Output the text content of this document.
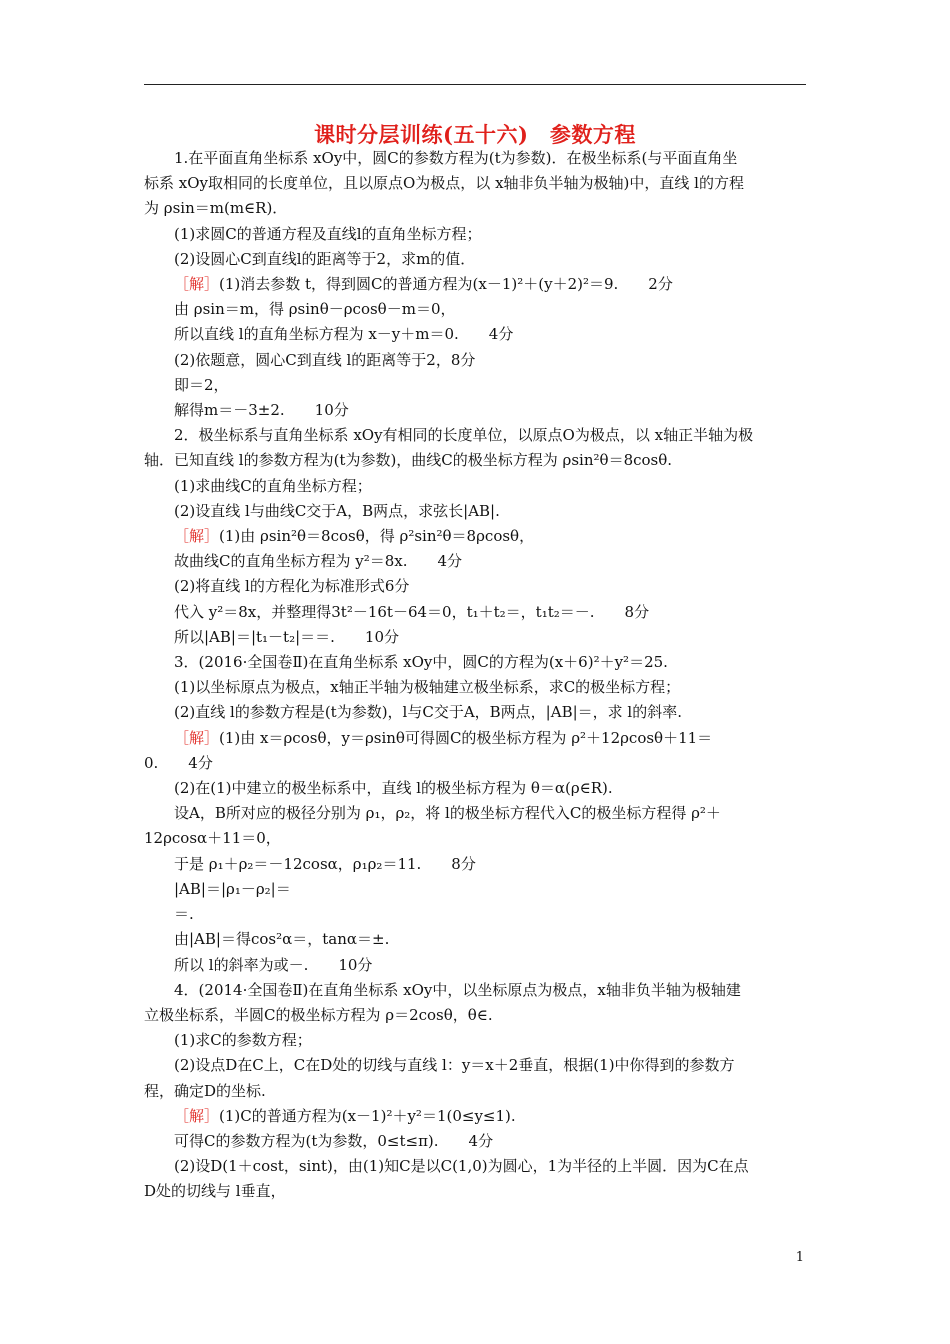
课时分层训练(五十六)　参数方程

1.在平面直角坐标系 xOy中，圆C的参数方程为(t为参数)．在极坐标系(与平面直角坐

标系 xOy取相同的长度单位，且以原点O为极点，以 x轴非负半轴为极轴)中，直线 l的方程

为 ρsin＝m(m∈R)．

(1)求圆C的普通方程及直线l的直角坐标方程；

(2)设圆心C到直线l的距离等于2，求m的值．

［解］(1)消去参数 t，得到圆C的普通方程为(x－1)²＋(y＋2)²＝9.　　2分

由 ρsin＝m，得 ρsinθ－ρcosθ－m＝0，

所以直线 l的直角坐标方程为 x－y＋m＝0.　　4分

(2)依题意，圆心C到直线 l的距离等于2，8分

即＝2，

解得m＝－3±2.　　10分

2．极坐标系与直角坐标系 xOy有相同的长度单位，以原点O为极点，以 x轴正半轴为极

轴．已知直线 l的参数方程为(t为参数)，曲线C的极坐标方程为 ρsin²θ＝8cosθ.

(1)求曲线C的直角坐标方程；

(2)设直线 l与曲线C交于A，B两点，求弦长|AB|.

［解］(1)由 ρsin²θ＝8cosθ，得 ρ²sin²θ＝8ρcosθ，

故曲线C的直角坐标方程为 y²＝8x.　　4分

(2)将直线 l的方程化为标准形式6分

代入 y²＝8x，并整理得3t²－16t－64＝0，t₁＋t₂＝，t₁t₂＝－.　　8分

所以|AB|＝|t₁－t₂|＝＝.　　10分

3．(2016·全国卷Ⅱ)在直角坐标系 xOy中，圆C的方程为(x＋6)²＋y²＝25.

(1)以坐标原点为极点，x轴正半轴为极轴建立极坐标系，求C的极坐标方程；

(2)直线 l的参数方程是(t为参数)，l与C交于A，B两点，|AB|＝，求 l的斜率.

［解］(1)由 x＝ρcosθ，y＝ρsinθ可得圆C的极坐标方程为 ρ²＋12ρcosθ＋11＝

0.　　4分

(2)在(1)中建立的极坐标系中，直线 l的极坐标方程为 θ＝α(ρ∈R).

设A，B所对应的极径分别为 ρ₁，ρ₂，将 l的极坐标方程代入C的极坐标方程得 ρ²＋

12ρcosα＋11＝0，

于是 ρ₁＋ρ₂＝－12cosα，ρ₁ρ₂＝11.　　8分

|AB|＝|ρ₁－ρ₂|＝

＝.

由|AB|＝得cos²α＝，tanα＝±.

所以 l的斜率为或－.　　10分

4．(2014·全国卷Ⅱ)在直角坐标系 xOy中，以坐标原点为极点，x轴非负半轴为极轴建

立极坐标系，半圆C的极坐标方程为 ρ＝2cosθ，θ∈.

(1)求C的参数方程；

(2)设点D在C上，C在D处的切线与直线 l：y＝x＋2垂直，根据(1)中你得到的参数方

程，确定D的坐标.

［解］(1)C的普通方程为(x－1)²＋y²＝1(0≤y≤1).

可得C的参数方程为(t为参数，0≤t≤π).　　4分

(2)设D(1＋cost，sint)，由(1)知C是以C(1,0)为圆心，1为半径的上半圆．因为C在点

D处的切线与 l垂直，

1
